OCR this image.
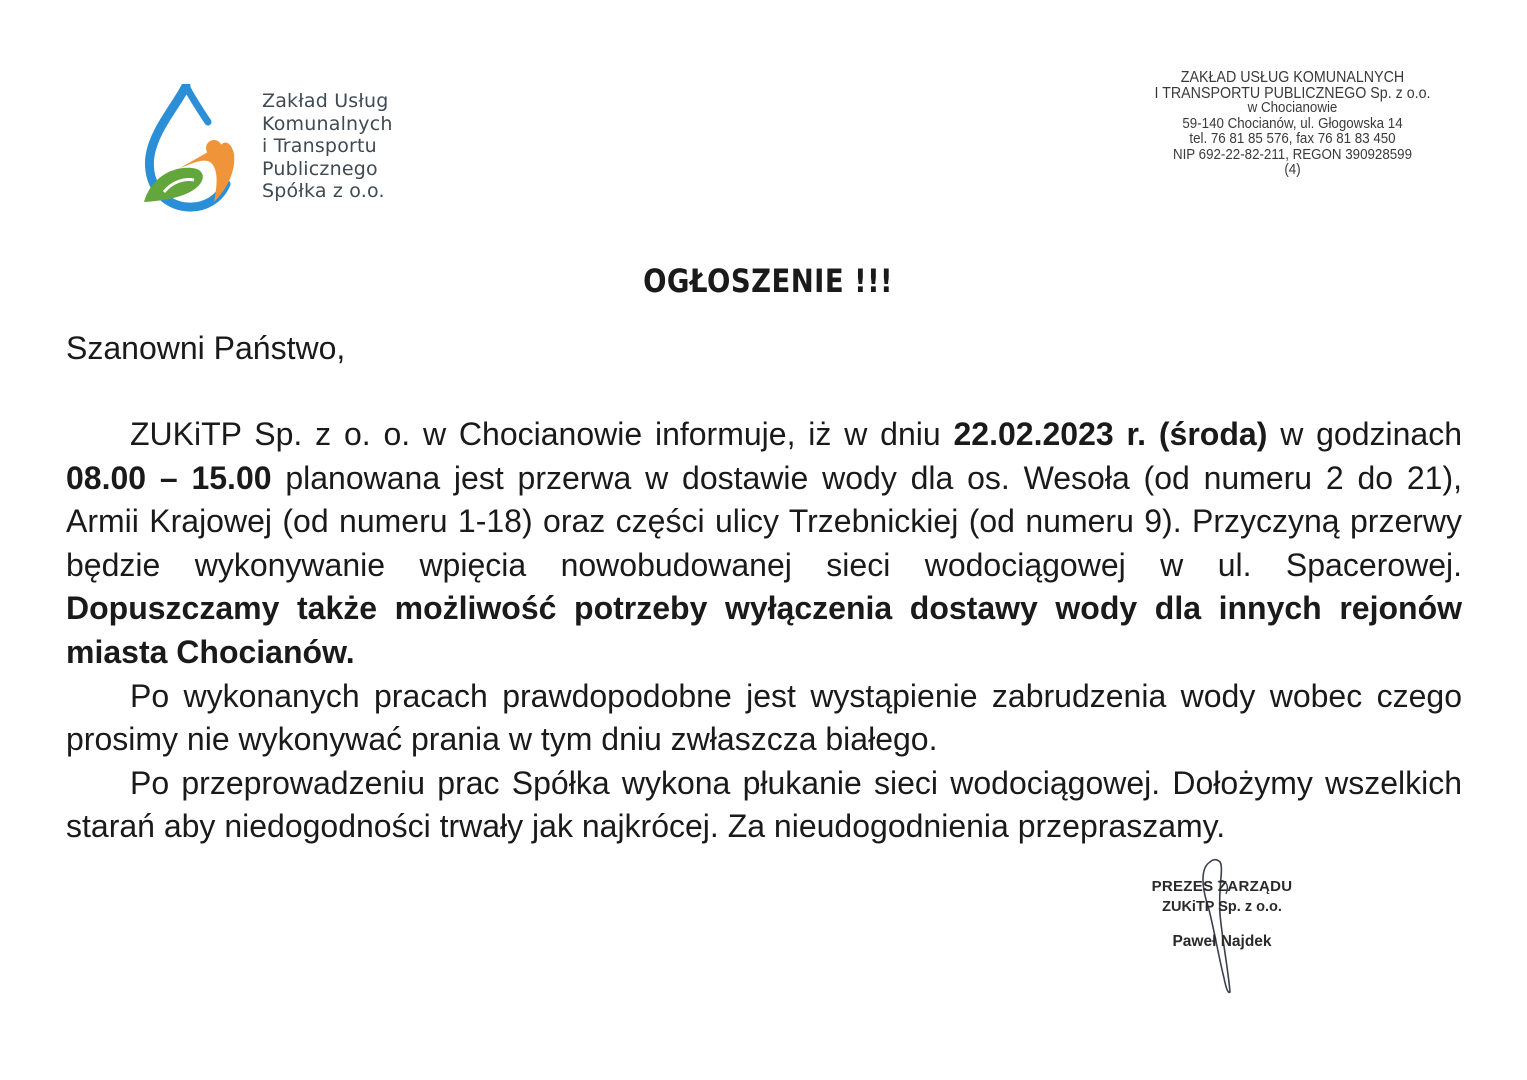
Zakład Usług
Komunalnych
i Transportu
Publicznego
Spółka z o.o.
ZAKŁAD USŁUG KOMUNALNYCH
I TRANSPORTU PUBLICZNEGO Sp. z o.o.
w Chocianowie
59-140 Chocianów, ul. Głogowska 14
tel. 76 81 85 576, fax 76 81 83 450
NIP 692-22-82-211, REGON 390928599
(4)
OGŁOSZENIE !!!
Szanowni Państwo,

ZUKiTP Sp. z o. o. w Chocianowie informuje, iż w dniu 22.02.2023 r. (środa) w godzinach 08.00 – 15.00 planowana jest przerwa w dostawie wody dla os. Wesoła (od numeru 2 do 21), Armii Krajowej (od numeru 1-18) oraz części ulicy Trzebnickiej (od numeru 9). Przyczyną przerwy będzie wykonywanie wpięcia nowobudowanej sieci wodociągowej w ul. Spacerowej. Dopuszczamy także możliwość potrzeby wyłączenia dostawy wody dla innych rejonów miasta Chocianów.

Po wykonanych pracach prawdopodobne jest wystąpienie zabrudzenia wody wobec czego prosimy nie wykonywać prania w tym dniu zwłaszcza białego.

Po przeprowadzeniu prac Spółka wykona płukanie sieci wodociągowej. Dołożymy wszelkich starań aby niedogodności trwały jak najkrócej. Za nieudogodnienia przepraszamy.

PREZES ZARZĄDU
ZUKiTP Sp. z o.o.
Paweł Najdek
